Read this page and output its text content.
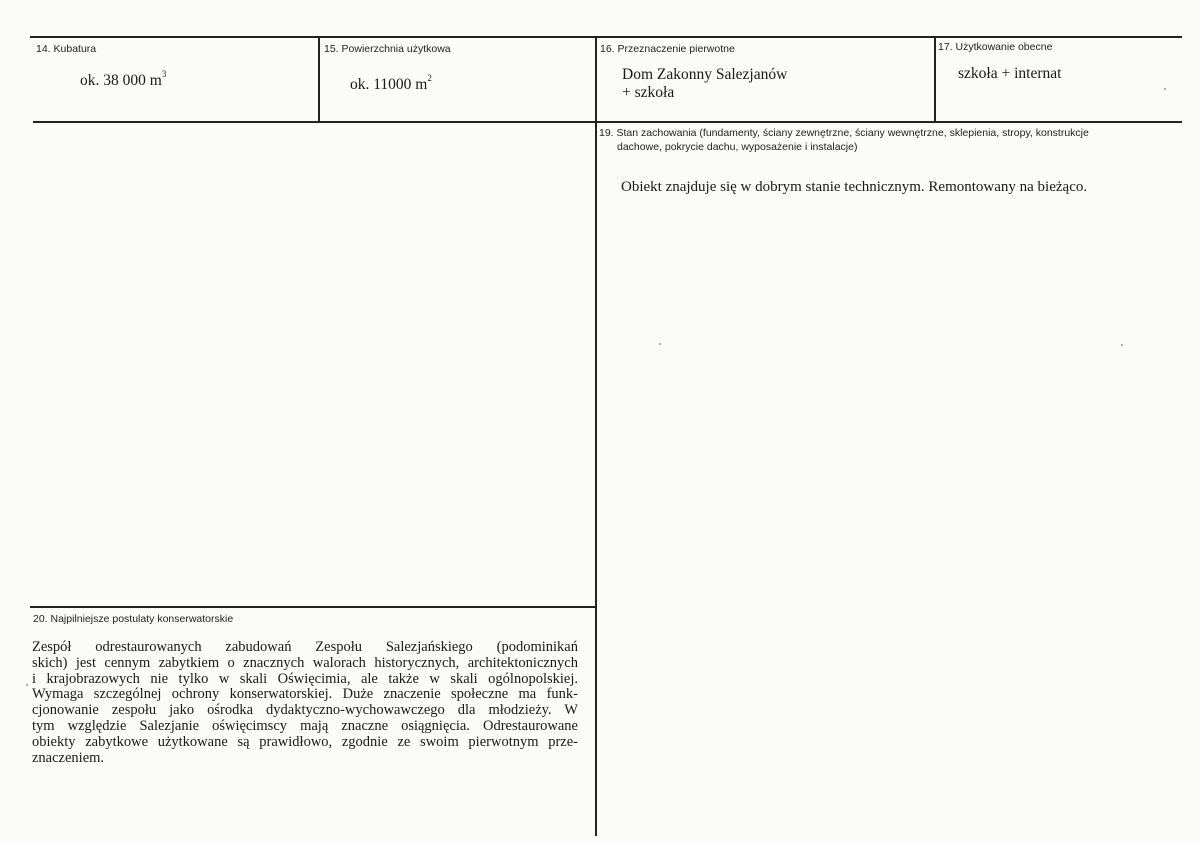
14. Kubatura
ok. 38 000 $m^3$
15. Powierzchnia użytkowa
ok. 11000 $m^2$
16. Przeznaczenie pierwotne
Dom Zakonny Salezjanów
+ szkoła
17. Użytkowanie obecne
szkoła + internat
19. Stan zachowania (fundamenty, ściany zewnętrzne, ściany wewnętrzne, sklepienia, stropy, konstrukcje
dachowe, pokrycie dachu, wyposażenie i instalacje)
Obiekt znajduje się w dobrym stanie technicznym. Remontowany na bieżąco.
20. Najpilniejsze postulaty konserwatorskie
Zespół odrestaurowanych zabudowań Zespołu Salezjańskiego (podominikań
skich) jest cennym zabytkiem o znacznych walorach historycznych, architektonicznych
i krajobrazowych nie tylko w skali Oświęcimia, ale także w skali ogólnopolskiej.
Wymaga szczególnej ochrony konserwatorskiej. Duże znaczenie społeczne ma funk-
cjonowanie zespołu jako ośrodka dydaktyczno-wychowawczego dla młodzieży. W
tym względzie Salezjanie oświęcimscy mają znaczne osiągnięcia. Odrestaurowane
obiekty zabytkowe użytkowane są prawidłowo, zgodnie ze swoim pierwotnym prze-
znaczeniem.
